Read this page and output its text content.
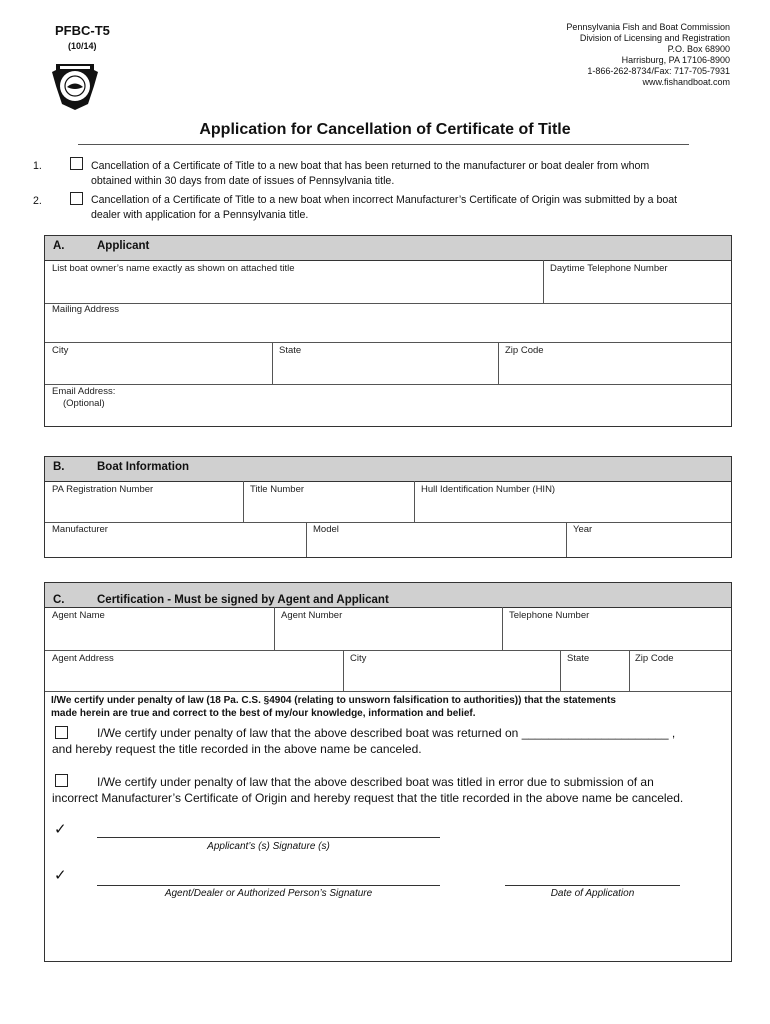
PFBC-T5
(10/14)
Pennsylvania Fish and Boat Commission
Division of Licensing and Registration
P.O. Box 68900
Harrisburg, PA 17106-8900
1-866-262-8734/Fax: 717-705-7931
www.fishandboat.com
Application for Cancellation of Certificate of Title
1.	Cancellation of a Certificate of Title to a new boat that has been returned to the manufacturer or boat dealer from whom
obtained within 30 days from date of issues of Pennsylvania title.
2.	Cancellation of a Certificate of Title to a new boat when incorrect Manufacturer’s Certificate of Origin was submitted by a boat
dealer with application for a Pennsylvania title.
A.	Applicant
List boat owner’s name exactly as shown on attached title	Daytime Telephone Number
Mailing Address
City	State	Zip Code
Email Address:
(Optional)
B.	Boat Information
PA Registration Number	Title Number	Hull Identification Number (HIN)
Manufacturer	Model	Year
C.	Certification - Must be signed by Agent and Applicant
Agent Name	Agent Number	Telephone Number
Agent Address	City	State	Zip Code
I/We certify under penalty of law (18 Pa. C.S. §4904 (relating to unsworn falsification to authorities)) that the statements
made herein are true and correct to the best of my/our knowledge, information and belief.
I/We certify under penalty of law that the above described boat was returned on ______________________ ,
and hereby request the title recorded in the above name be canceled.
I/We certify under penalty of law that the above described boat was titled in error due to submission of an
incorrect Manufacturer’s Certificate of Origin and hereby request that the title recorded in the above name be canceled.
✓
Applicant’s (s) Signature (s)
✓
Agent/Dealer or Authorized Person’s Signature	Date of Application
